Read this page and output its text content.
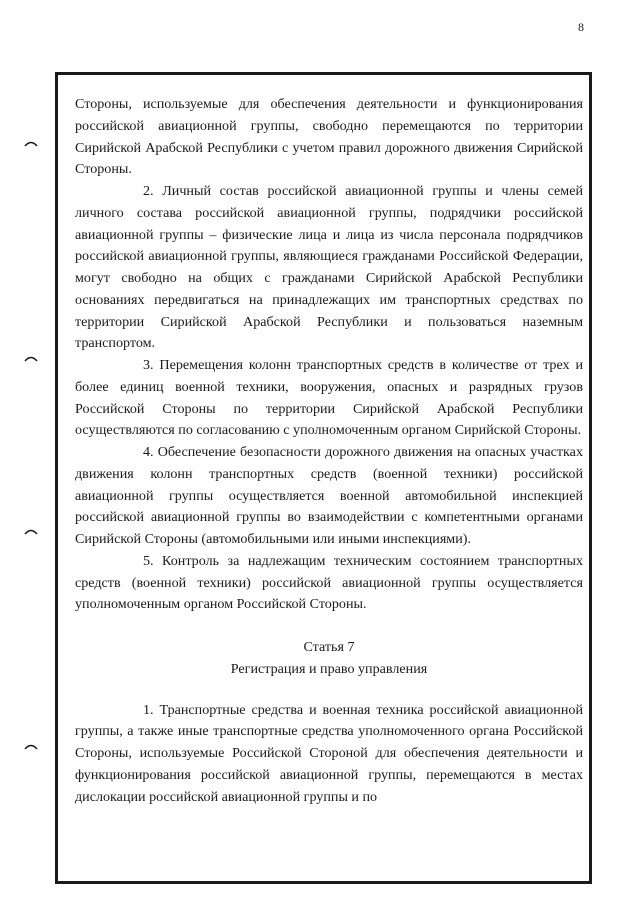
8

Стороны, используемые для обеспечения деятельности и функционирования российской авиационной группы, свободно перемещаются по территории Сирийской Арабской Республики с учетом правил дорожного движения Сирийской Стороны.

2. Личный состав российской авиационной группы и члены семей личного состава российской авиационной группы, подрядчики российской авиационной группы – физические лица и лица из числа персонала подрядчиков российской авиационной группы, являющиеся гражданами Российской Федерации, могут свободно на общих с гражданами Сирийской Арабской Республики основаниях передвигаться на принадлежащих им транспортных средствах по территории Сирийской Арабской Республики и пользоваться наземным транспортом.

3. Перемещения колонн транспортных средств в количестве от трех и более единиц военной техники, вооружения, опасных и разрядных грузов Российской Стороны по территории Сирийской Арабской Республики осуществляются по согласованию с уполномоченным органом Сирийской Стороны.

4. Обеспечение безопасности дорожного движения на опасных участках движения колонн транспортных средств (военной техники) российской авиационной группы осуществляется военной автомобильной инспекцией российской авиационной группы во взаимодействии с компетентными органами Сирийской Стороны (автомобильными или иными инспекциями).

5. Контроль за надлежащим техническим состоянием транспортных средств (военной техники) российской авиационной группы осуществляется уполномоченным органом Российской Стороны.

Статья 7

Регистрация и право управления

1. Транспортные средства и военная техника российской авиационной группы, а также иные транспортные средства уполномоченного органа Российской Стороны, используемые Российской Стороной для обеспечения деятельности и функционирования российской авиационной группы, перемещаются в местах дислокации российской авиационной группы и по
